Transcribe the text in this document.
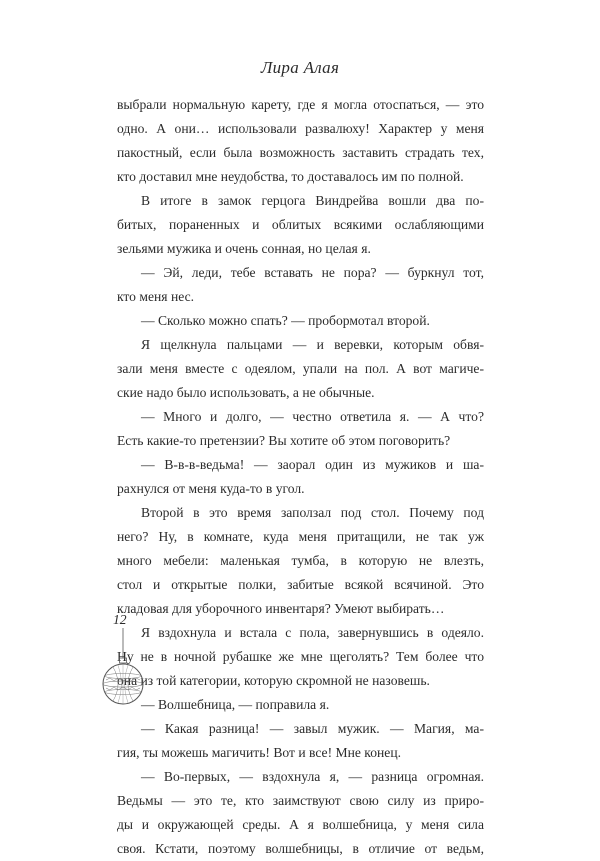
Лира Алая
выбрали нормальную карету, где я могла отоспаться, — это
одно. А они… использовали развалюху! Характер у меня
пакостный, если была возможность заставить страдать тех,
кто доставил мне неудобства, то доставалось им по полной.
В итоге в замок герцога Виндрейва вошли два по-
битых, пораненных и облитых всякими ослабляющими
зельями мужика и очень сонная, но целая я.
— Эй, леди, тебе вставать не пора? — буркнул тот,
кто меня нес.
— Сколько можно спать? — пробормотал второй.
Я щелкнула пальцами — и веревки, которым обвя-
зали меня вместе с одеялом, упали на пол. А вот магиче-
ские надо было использовать, а не обычные.
— Много и долго, — честно ответила я. — А что?
Есть какие-то претензии? Вы хотите об этом поговорить?
— В-в-в-ведьма! — заорал один из мужиков и ша-
рахнулся от меня куда-то в угол.
Второй в это время заползал под стол. Почему под
него? Ну, в комнате, куда меня притащили, не так уж
много мебели: маленькая тумба, в которую не влезть,
стол и открытые полки, забитые всякой всячиной. Это
кладовая для уборочного инвентаря? Умеют выбирать…
Я вздохнула и встала с пола, завернувшись в одеяло.
Ну не в ночной рубашке же мне щеголять? Тем более что
она из той категории, которую скромной не назовешь.
— Волшебница, — поправила я.
— Какая разница! — завыл мужик. — Магия, ма-
гия, ты можешь магичить! Вот и все! Мне конец.
— Во-первых, — вздохнула я, — разница огромная.
Ведьмы — это те, кто заимствуют свою силу из приро-
ды и окружающей среды. А я волшебница, у меня сила
своя. Кстати, поэтому волшебницы, в отличие от ведьм,
12
